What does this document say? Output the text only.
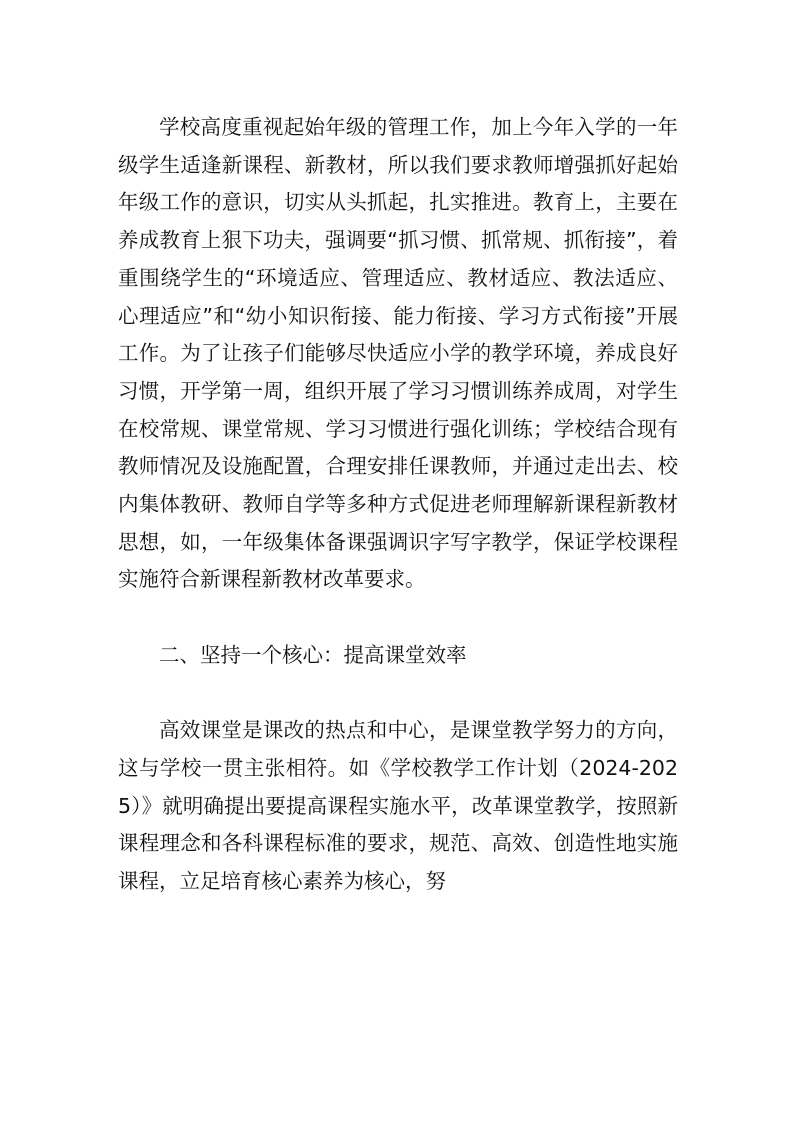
学校高度重视起始年级的管理工作，加上今年入学的一年级学生适逢新课程、新教材，所以我们要求教师增强抓好起始年级工作的意识，切实从头抓起，扎实推进。教育上，主要在养成教育上狠下功夫，强调要“抓习惯、抓常规、抓衔接”，着重围绕学生的“环境适应、管理适应、教材适应、教法适应、心理适应”和“幼小知识衔接、能力衔接、学习方式衔接”开展工作。为了让孩子们能够尽快适应小学的教学环境，养成良好习惯，开学第一周，组织开展了学习习惯训练养成周，对学生在校常规、课堂常规、学习习惯进行强化训练；学校结合现有教师情况及设施配置，合理安排任课教师，并通过走出去、校内集体教研、教师自学等多种方式促进老师理解新课程新教材思想，如，一年级集体备课强调识字写字教学，保证学校课程实施符合新课程新教材改革要求。

二、坚持一个核心：提高课堂效率

高效课堂是课改的热点和中心，是课堂教学努力的方向，这与学校一贯主张相符。如《学校教学工作计划（2024-2025）》就明确提出要提高课程实施水平，改革课堂教学，按照新课程理念和各科课程标准的要求，规范、高效、创造性地实施课程，立足培育核心素养为核心，努
